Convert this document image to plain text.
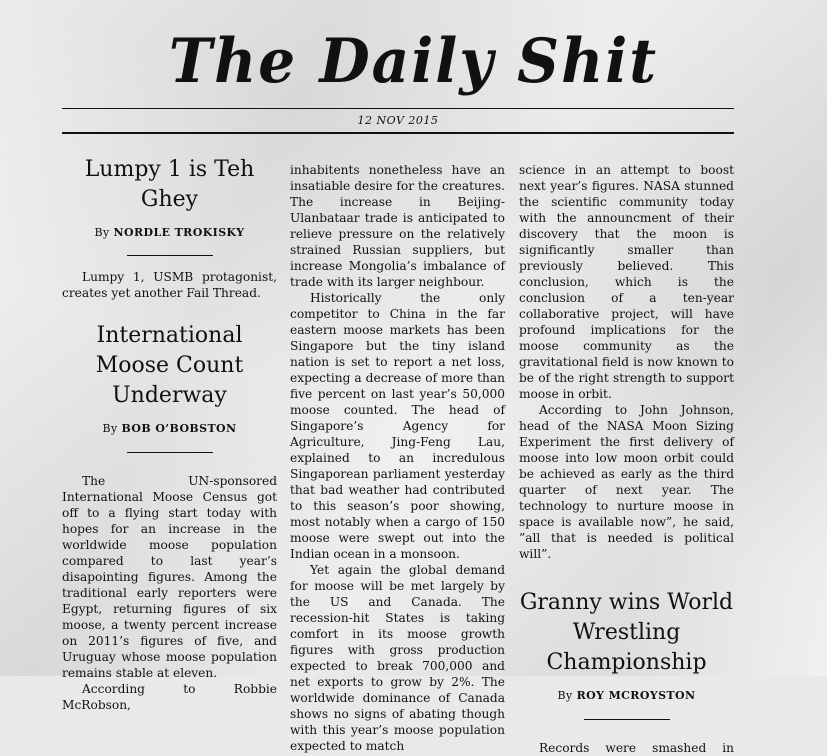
The Daily Shit
12 NOV 2015
Lumpy 1 is Teh Ghey
By NORDLE TROKISKY

Lumpy 1, USMB protagonist, creates yet another Fail Thread.

International Moose Count Underway
By BOB O’BOBSTON

The UN-sponsored International Moose Census got off to a flying start today with hopes for an increase in the worldwide moose population compared to last year’s disapointing figures. Among the traditional early reporters were Egypt, returning figures of six moose, a twenty percent increase on 2011’s figures of five, and Uruguay whose moose population remains stable at eleven.

According to Robbie McRobson,

inhabitents nonetheless have an insatiable desire for the creatures. The increase in Beijing-Ulanbataar trade is anticipated to relieve pressure on the relatively strained Russian suppliers, but increase Mongolia’s imbalance of trade with its larger neighbour.

Historically the only competitor to China in the far eastern moose markets has been Singapore but the tiny island nation is set to report a net loss, expecting a decrease of more than five percent on last year’s 50,000 moose counted. The head of Singapore’s Agency for Agriculture, Jing-Feng Lau, explained to an incredulous Singaporean parliament yesterday that bad weather had contributed to this season’s poor showing, most notably when a cargo of 150 moose were swept out into the Indian ocean in a monsoon.

Yet again the global demand for moose will be met largely by the US and Canada. The recession-hit States is taking comfort in its moose growth figures with gross production expected to break 700,000 and net exports to grow by 2%. The worldwide dominance of Canada shows no signs of abating though with this year’s moose population expected to match

science in an attempt to boost next year’s figures. NASA stunned the scientific community today with the announcment of their discovery that the moon is significantly smaller than previously believed. This conclusion, which is the conclusion of a ten-year collaborative project, will have profound implications for the moose community as the gravitational field is now known to be of the right strength to support moose in orbit.

According to John Johnson, head of the NASA Moon Sizing Experiment the first delivery of moose into low moon orbit could be achieved as early as the third quarter of next year. The technology to nurture moose in space is available now”, he said, ”all that is needed is political will”.

Granny wins World Wrestling Championship
By ROY MCROYSTON

Records were smashed in
